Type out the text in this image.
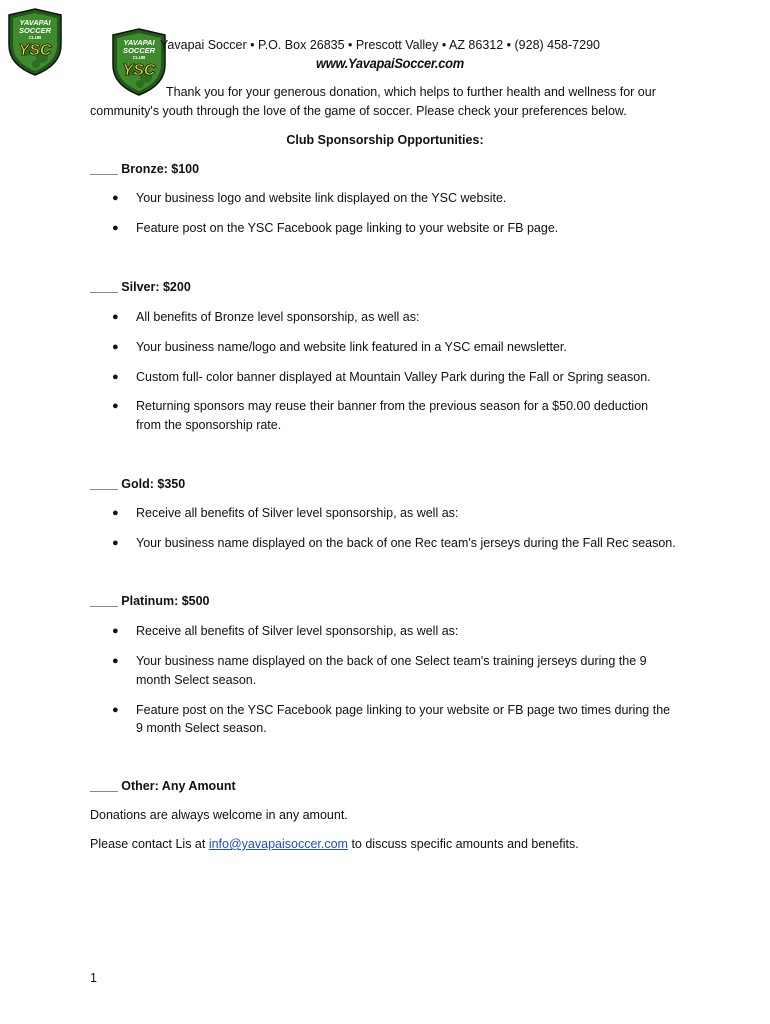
YAVAPAI
SOCCER
CLUB
YSC	YAVAPAI
SOCCER
CLUB
YSC
Yavapai Soccer • P.O. Box 26835 • Prescott Valley • AZ 86312 • (928) 458-7290
www.YavapaiSoccer.com
Thank you for your generous donation, which helps to further health and wellness for our
community's youth through the love of the game of soccer. Please check your preferences below.
Club Sponsorship Opportunities:
____ Bronze: $100
● Your business logo and website link displayed on the YSC website.
● Feature post on the YSC Facebook page linking to your website or FB page.
____ Silver: $200
● All benefits of Bronze level sponsorship, as well as:
● Your business name/logo and website link featured in a YSC email newsletter.
● Custom full- color banner displayed at Mountain Valley Park during the Fall or Spring season.
● Returning sponsors may reuse their banner from the previous season for a $50.00 deduction
from the sponsorship rate.
____ Gold: $350
● Receive all benefits of Silver level sponsorship, as well as:
● Your business name displayed on the back of one Rec team's jerseys during the Fall Rec season.
____ Platinum: $500
● Receive all benefits of Silver level sponsorship, as well as:
● Your business name displayed on the back of one Select team's training jerseys during the 9
month Select season.
● Feature post on the YSC Facebook page linking to your website or FB page two times during the
9 month Select season.
____ Other: Any Amount
Donations are always welcome in any amount.
Please contact Lis at info@yavapaisoccer.com to discuss specific amounts and benefits.
1
